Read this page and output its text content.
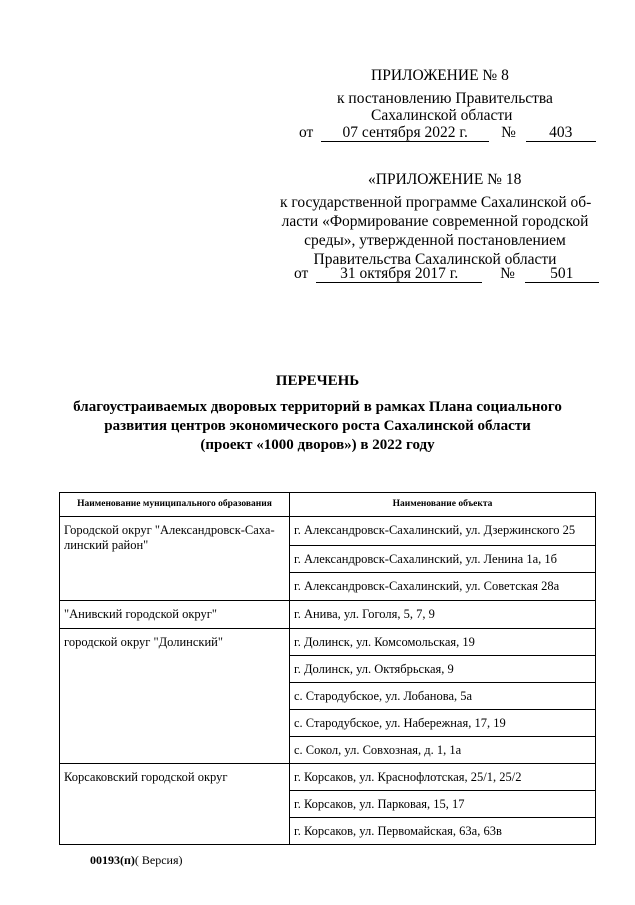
ПРИЛОЖЕНИЕ № 8
к постановлению Правительства
Сахалинской области
от 07 сентября 2022 г. № 403
«ПРИЛОЖЕНИЕ № 18
к государственной программе Сахалинской об-
ласти «Формирование современной городской
среды», утвержденной постановлением
Правительства Сахалинской области
от 31 октября 2017 г.	№ 501
ПЕРЕЧЕНЬ
благоустраиваемых дворовых территорий в рамках Плана социального
развития центров экономического роста Сахалинской области
(проект «1000 дворов») в 2022 году
Наименование муниципального образования	Наименование объекта
Городской округ "Александровск-Саха-линский район"	г. Александровск-Сахалинский, ул. Дзержинского 25
	г. Александровск-Сахалинский, ул. Ленина 1а, 1б
	г. Александровск-Сахалинский, ул. Советская 28а
"Анивский городской округ"	г. Анива, ул. Гоголя, 5, 7, 9
городской округ "Долинский"	г. Долинск, ул. Комсомольская, 19
	г. Долинск, ул. Октябрьская, 9
	с. Стародубское, ул. Лобанова, 5а
	с. Стародубское, ул. Набережная, 17, 19
	с. Сокол, ул. Совхозная, д. 1, 1а
Корсаковский городской округ	г. Корсаков, ул. Краснофлотская, 25/1, 25/2
	г. Корсаков, ул. Парковая, 15, 17
	г. Корсаков, ул. Первомайская, 63а, 63в
00193(п)( Версия)
